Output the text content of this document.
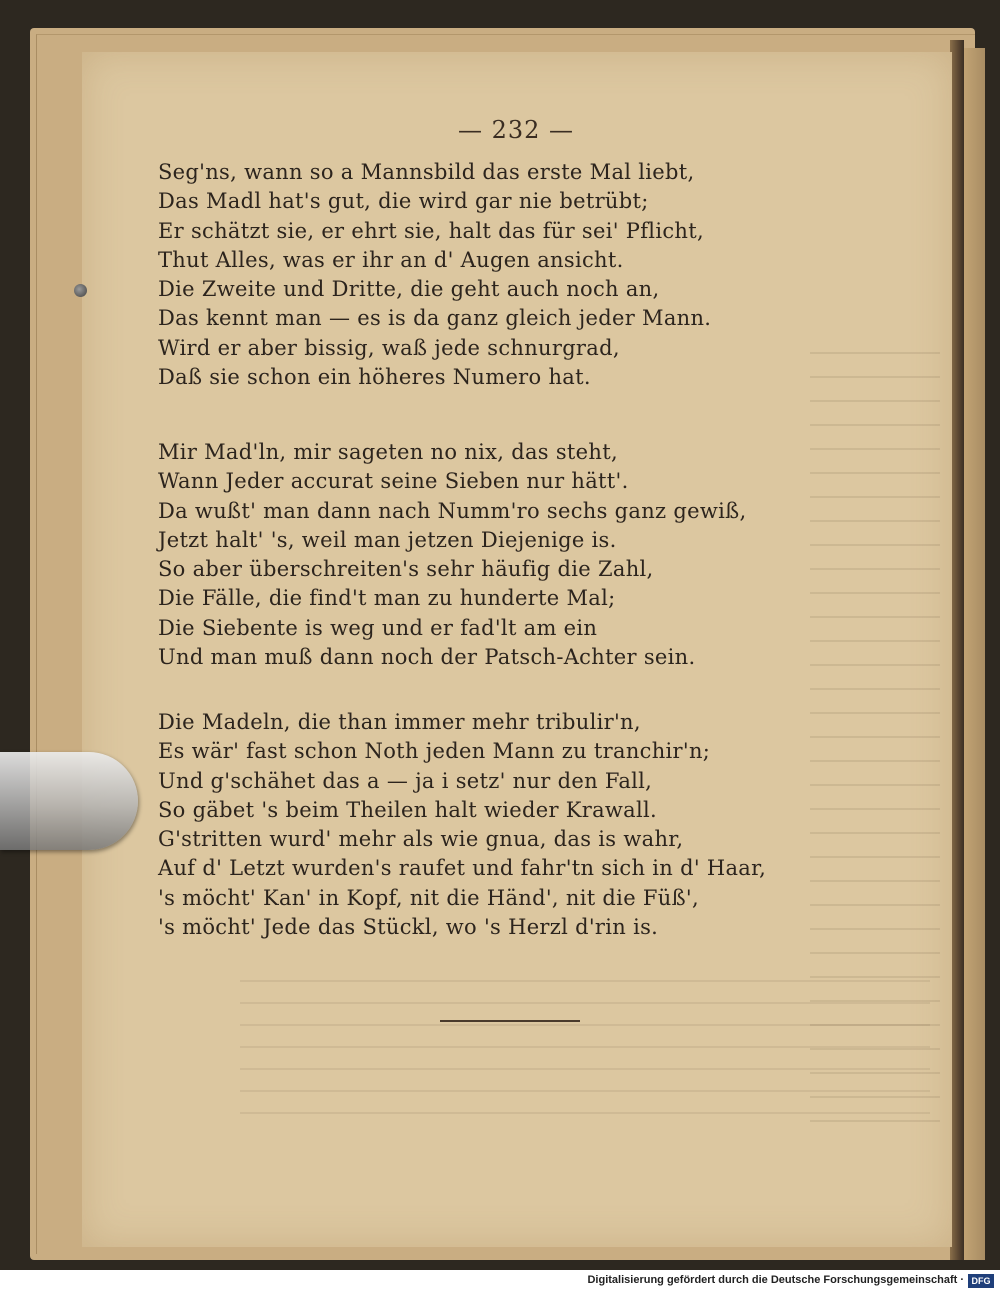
— 232 —
Seg'ns, wann so a Mannsbild das erste Mal liebt,
Das Madl hat's gut, die wird gar nie betrübt;
Er schätzt sie, er ehrt sie, halt das für sei' Pflicht,
Thut Alles, was er ihr an d' Augen ansicht.
Die Zweite und Dritte, die geht auch noch an,
Das kennt man — es is da ganz gleich jeder Mann.
Wird er aber bissig, waß jede schnurgrad,
Daß sie schon ein höheres Numero hat.
Mir Mad'ln, mir sageten no nix, das steht,
Wann Jeder accurat seine Sieben nur hätt'.
Da wußt' man dann nach Numm'ro sechs ganz gewiß,
Jetzt halt' 's, weil man jetzen Diejenige is.
So aber überschreiten's sehr häufig die Zahl,
Die Fälle, die find't man zu hunderte Mal;
Die Siebente is weg und er fad'lt am ein
Und man muß dann noch der Patsch-Achter sein.
Die Madeln, die than immer mehr tribulir'n,
Es wär' fast schon Noth jeden Mann zu tranchir'n;
Und g'schähet das a — ja i setz' nur den Fall,
So gäbet 's beim Theilen halt wieder Krawall.
G'stritten wurd' mehr als wie gnua, das is wahr,
Auf d' Letzt wurden's raufet und fahr'tn sich in d' Haar,
's möcht' Kan' in Kopf, nit die Händ', nit die Füß',
's möcht' Jede das Stückl, wo 's Herzl d'rin is.
Digitalisierung gefördert durch die Deutsche Forschungsgemeinschaft · DFG
